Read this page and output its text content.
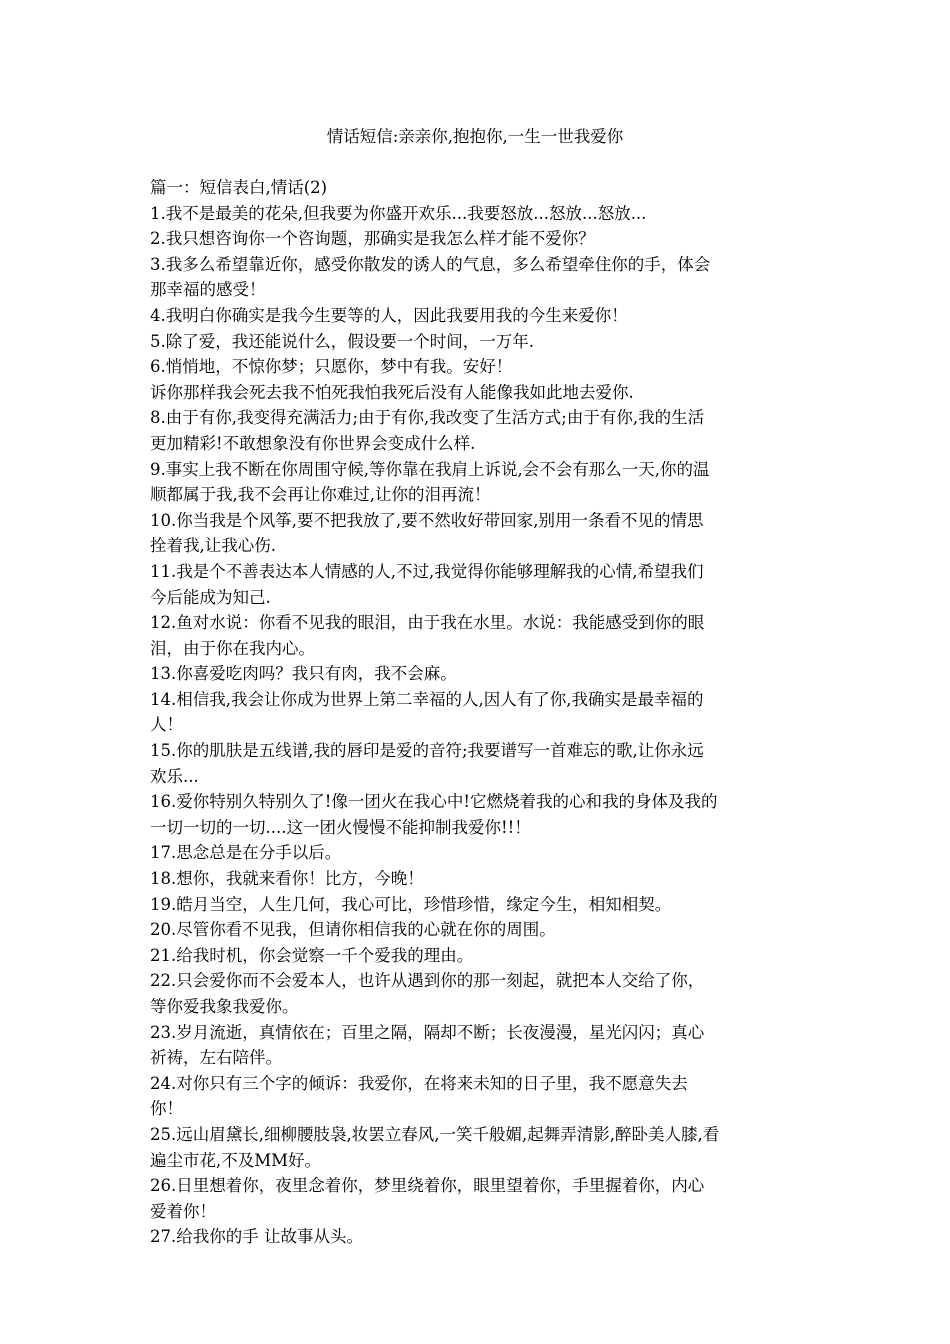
情话短信:亲亲你,抱抱你,一生一世我爱你

篇一：短信表白,情话(2)

1.我不是最美的花朵,但我要为你盛开欢乐...我要怒放...怒放...怒放...

2.我只想咨询你一个咨询题，那确实是我怎么样才能不爱你？

3.我多么希望靠近你，感受你散发的诱人的气息，多么希望牵住你的手，体会

那幸福的感受！

4.我明白你确实是我今生要等的人，因此我要用我的今生来爱你！

5.除了爱，我还能说什么，假设要一个时间，一万年.

6.悄悄地，不惊你梦；只愿你，梦中有我。安好！

诉你那样我会死去我不怕死我怕我死后没有人能像我如此地去爱你.

8.由于有你,我变得充满活力;由于有你,我改变了生活方式;由于有你,我的生活

更加精彩!不敢想象没有你世界会变成什么样.

9.事实上我不断在你周围守候,等你靠在我肩上诉说,会不会有那么一天,你的温

顺都属于我,我不会再让你难过,让你的泪再流！

10.你当我是个风筝,要不把我放了,要不然收好带回家,别用一条看不见的情思

拴着我,让我心伤.

11.我是个不善表达本人情感的人,不过,我觉得你能够理解我的心情,希望我们

今后能成为知己.

12.鱼对水说：你看不见我的眼泪，由于我在水里。水说：我能感受到你的眼

泪，由于你在我内心。

13.你喜爱吃肉吗？我只有肉，我不会麻。

14.相信我,我会让你成为世界上第二幸福的人,因人有了你,我确实是最幸福的

人！

15.你的肌肤是五线谱,我的唇印是爱的音符;我要谱写一首难忘的歌,让你永远

欢乐...

16.爱你特别久特别久了!像一团火在我心中!它燃烧着我的心和我的身体及我的

一切一切的一切....这一团火慢慢不能抑制我爱你!!！

17.思念总是在分手以后。

18.想你，我就来看你！比方，今晚！

19.皓月当空，人生几何，我心可比，珍惜珍惜，缘定今生，相知相契。

20.尽管你看不见我，但请你相信我的心就在你的周围。

21.给我时机，你会觉察一千个爱我的理由。

22.只会爱你而不会爱本人，也许从遇到你的那一刻起，就把本人交给了你，

等你爱我象我爱你。

23.岁月流逝，真情依在；百里之隔，隔却不断；长夜漫漫，星光闪闪；真心

祈祷，左右陪伴。

24.对你只有三个字的倾诉：我爱你，在将来未知的日子里，我不愿意失去

你！

25.远山眉黛长,细柳腰肢袅,妆罢立春风,一笑千般媚,起舞弄清影,醉卧美人膝,看

遍尘市花,不及MM好。

26.日里想着你，夜里念着你，梦里绕着你，眼里望着你，手里握着你，内心

爱着你！

27.给我你的手 让故事从头。
